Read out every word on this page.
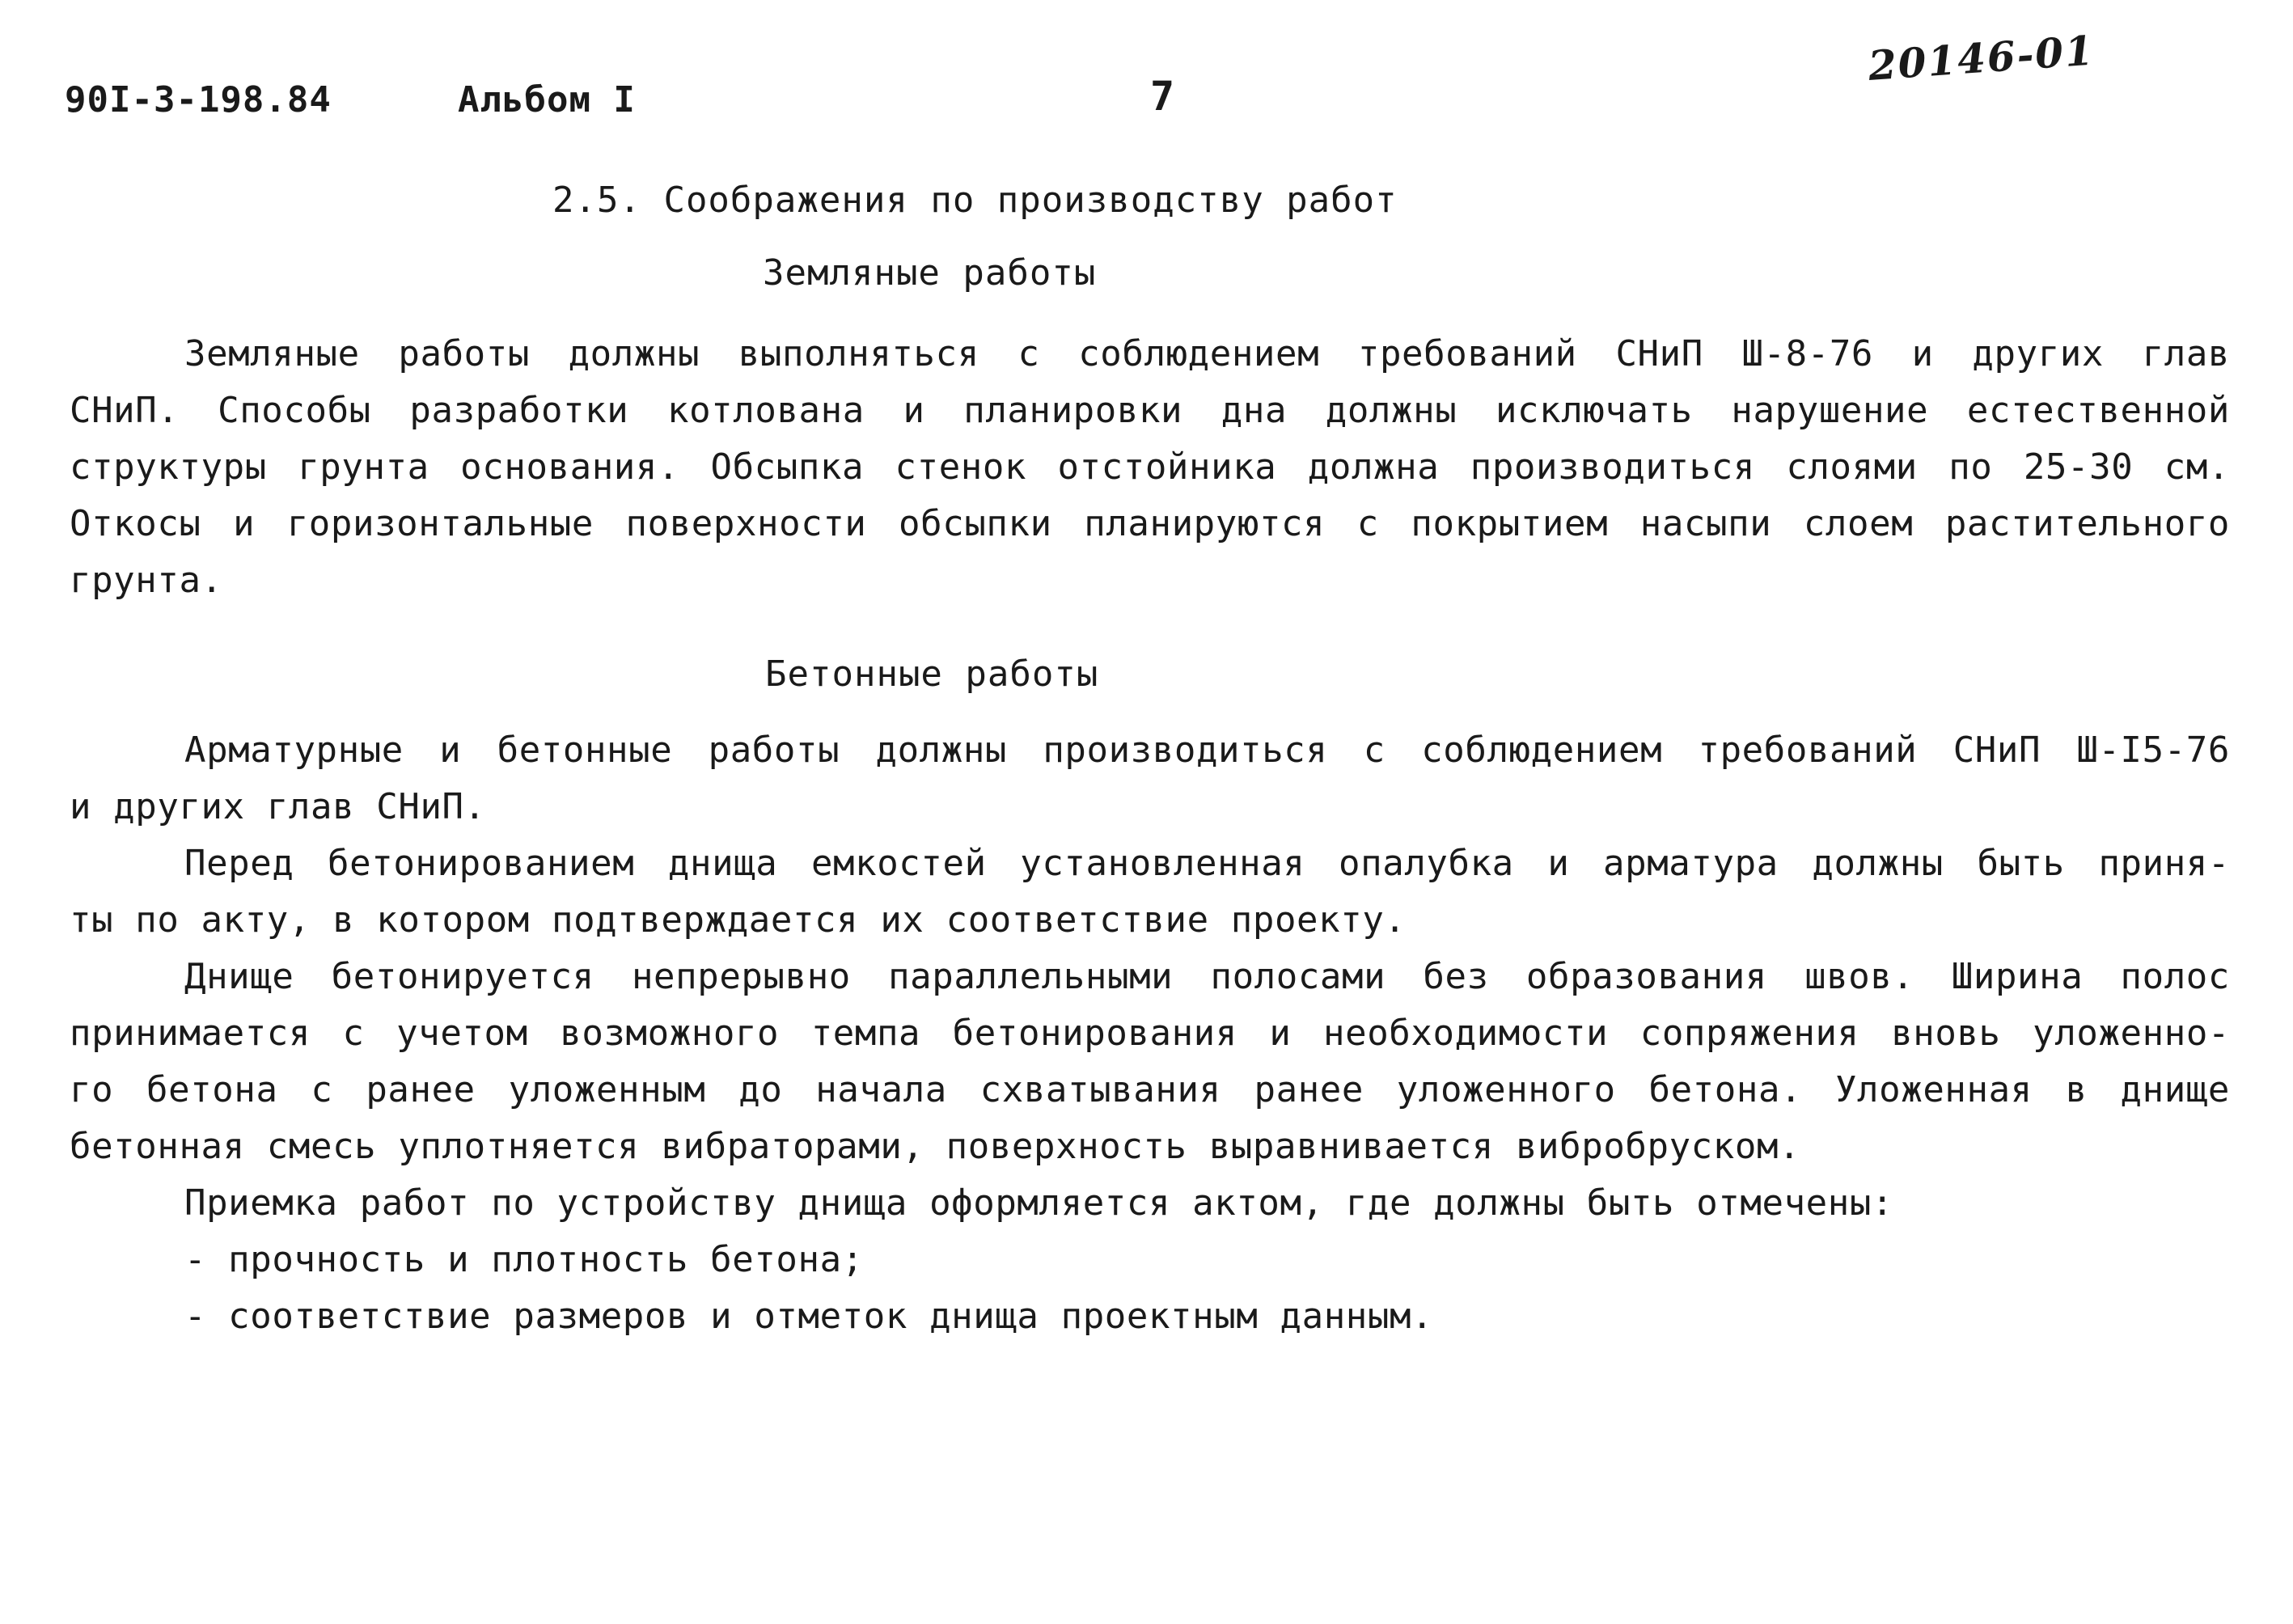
90I-3-198.84	Альбом I	7
20146-01
2.5. Соображения по производству работ
Земляные работы
Земляные работы должны выполняться с соблюдением требований СНиП Ш-8-76 и других глав
СНиП. Способы разработки котлована и планировки дна должны исключать нарушение естественной
структуры грунта основания. Обсыпка стенок отстойника должна производиться слоями по 25-30 см.
Откосы и горизонтальные поверхности обсыпки планируются с покрытием насыпи слоем растительного
грунта.
Бетонные работы
Арматурные и бетонные работы должны производиться с соблюдением требований СНиП Ш-I5-76
и других глав СНиП.
Перед бетонированием днища емкостей установленная опалубка и арматура должны быть приня-
ты по акту, в котором подтверждается их соответствие проекту.
Днище бетонируется непрерывно параллельными полосами без образования швов. Ширина полос
принимается с учетом возможного темпа бетонирования и необходимости сопряжения вновь уложенно-
го бетона с ранее уложенным до начала схватывания ранее уложенного бетона. Уложенная в днище
бетонная смесь уплотняется вибраторами, поверхность выравнивается вибробруском.
Приемка работ по устройству днища оформляется актом, где должны быть отмечены:
- прочность и плотность бетона;
- соответствие размеров и отметок днища проектным данным.
